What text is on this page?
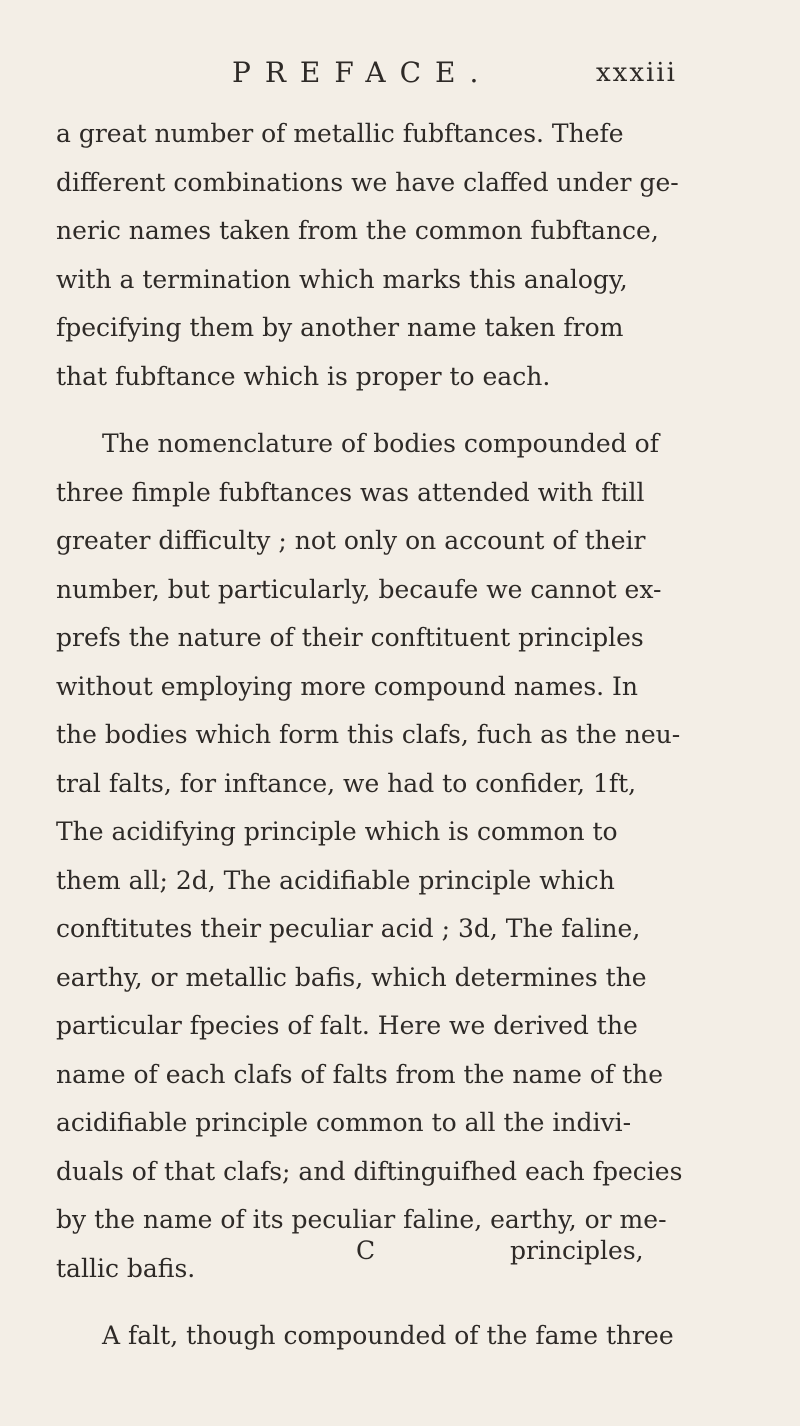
PREFACE.	xxxiii
a great number of metallic fubftances. Thefe
different combinations we have claffed under ge-
neric names taken from the common fubftance,
with a termination which marks this analogy,
fpecifying them by another name taken from
that fubftance which is proper to each.
The nomenclature of bodies compounded of
three fimple fubftances was attended with ftill
greater difficulty ; not only on account of their
number, but particularly, becaufe we cannot ex-
prefs the nature of their conftituent principles
without employing more compound names. In
the bodies which form this clafs, fuch as the neu-
tral falts, for inftance, we had to confider, 1ft,
The acidifying principle which is common to
them all; 2d, The acidifiable principle which
conftitutes their peculiar acid ; 3d, The faline,
earthy, or metallic bafis, which determines the
particular fpecies of falt. Here we derived the
name of each clafs of falts from the name of the
acidifiable principle common to all the indivi-
duals of that clafs; and diftinguifhed each fpecies
by the name of its peculiar faline, earthy, or me-
tallic bafis.
A falt, though compounded of the fame three
C	principles,
